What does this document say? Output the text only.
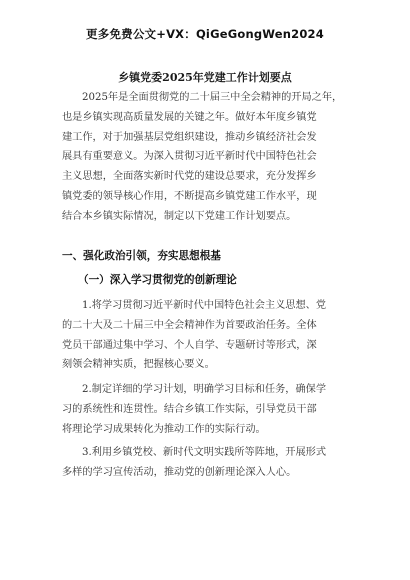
更多免费公文+VX：QiGeGongWen2024
乡镇党委2025年党建工作计划要点
2025年是全面贯彻党的二十届三中全会精神的开局之年，
也是乡镇实现高质量发展的关键之年。做好本年度乡镇党
建工作，对于加强基层党组织建设，推动乡镇经济社会发
展具有重要意义。为深入贯彻习近平新时代中国特色社会
主义思想，全面落实新时代党的建设总要求，充分发挥乡
镇党委的领导核心作用，不断提高乡镇党建工作水平，现
结合本乡镇实际情况，制定以下党建工作计划要点。
一、强化政治引领，夯实思想根基
（一）深入学习贯彻党的创新理论
1.将学习贯彻习近平新时代中国特色社会主义思想、党
的二十大及二十届三中全会精神作为首要政治任务。全体
党员干部通过集中学习、个人自学、专题研讨等形式，深
刻领会精神实质，把握核心要义。
2.制定详细的学习计划，明确学习目标和任务，确保学
习的系统性和连贯性。结合乡镇工作实际，引导党员干部
将理论学习成果转化为推动工作的实际行动。
3.利用乡镇党校、新时代文明实践所等阵地，开展形式
多样的学习宣传活动，推动党的创新理论深入人心。
